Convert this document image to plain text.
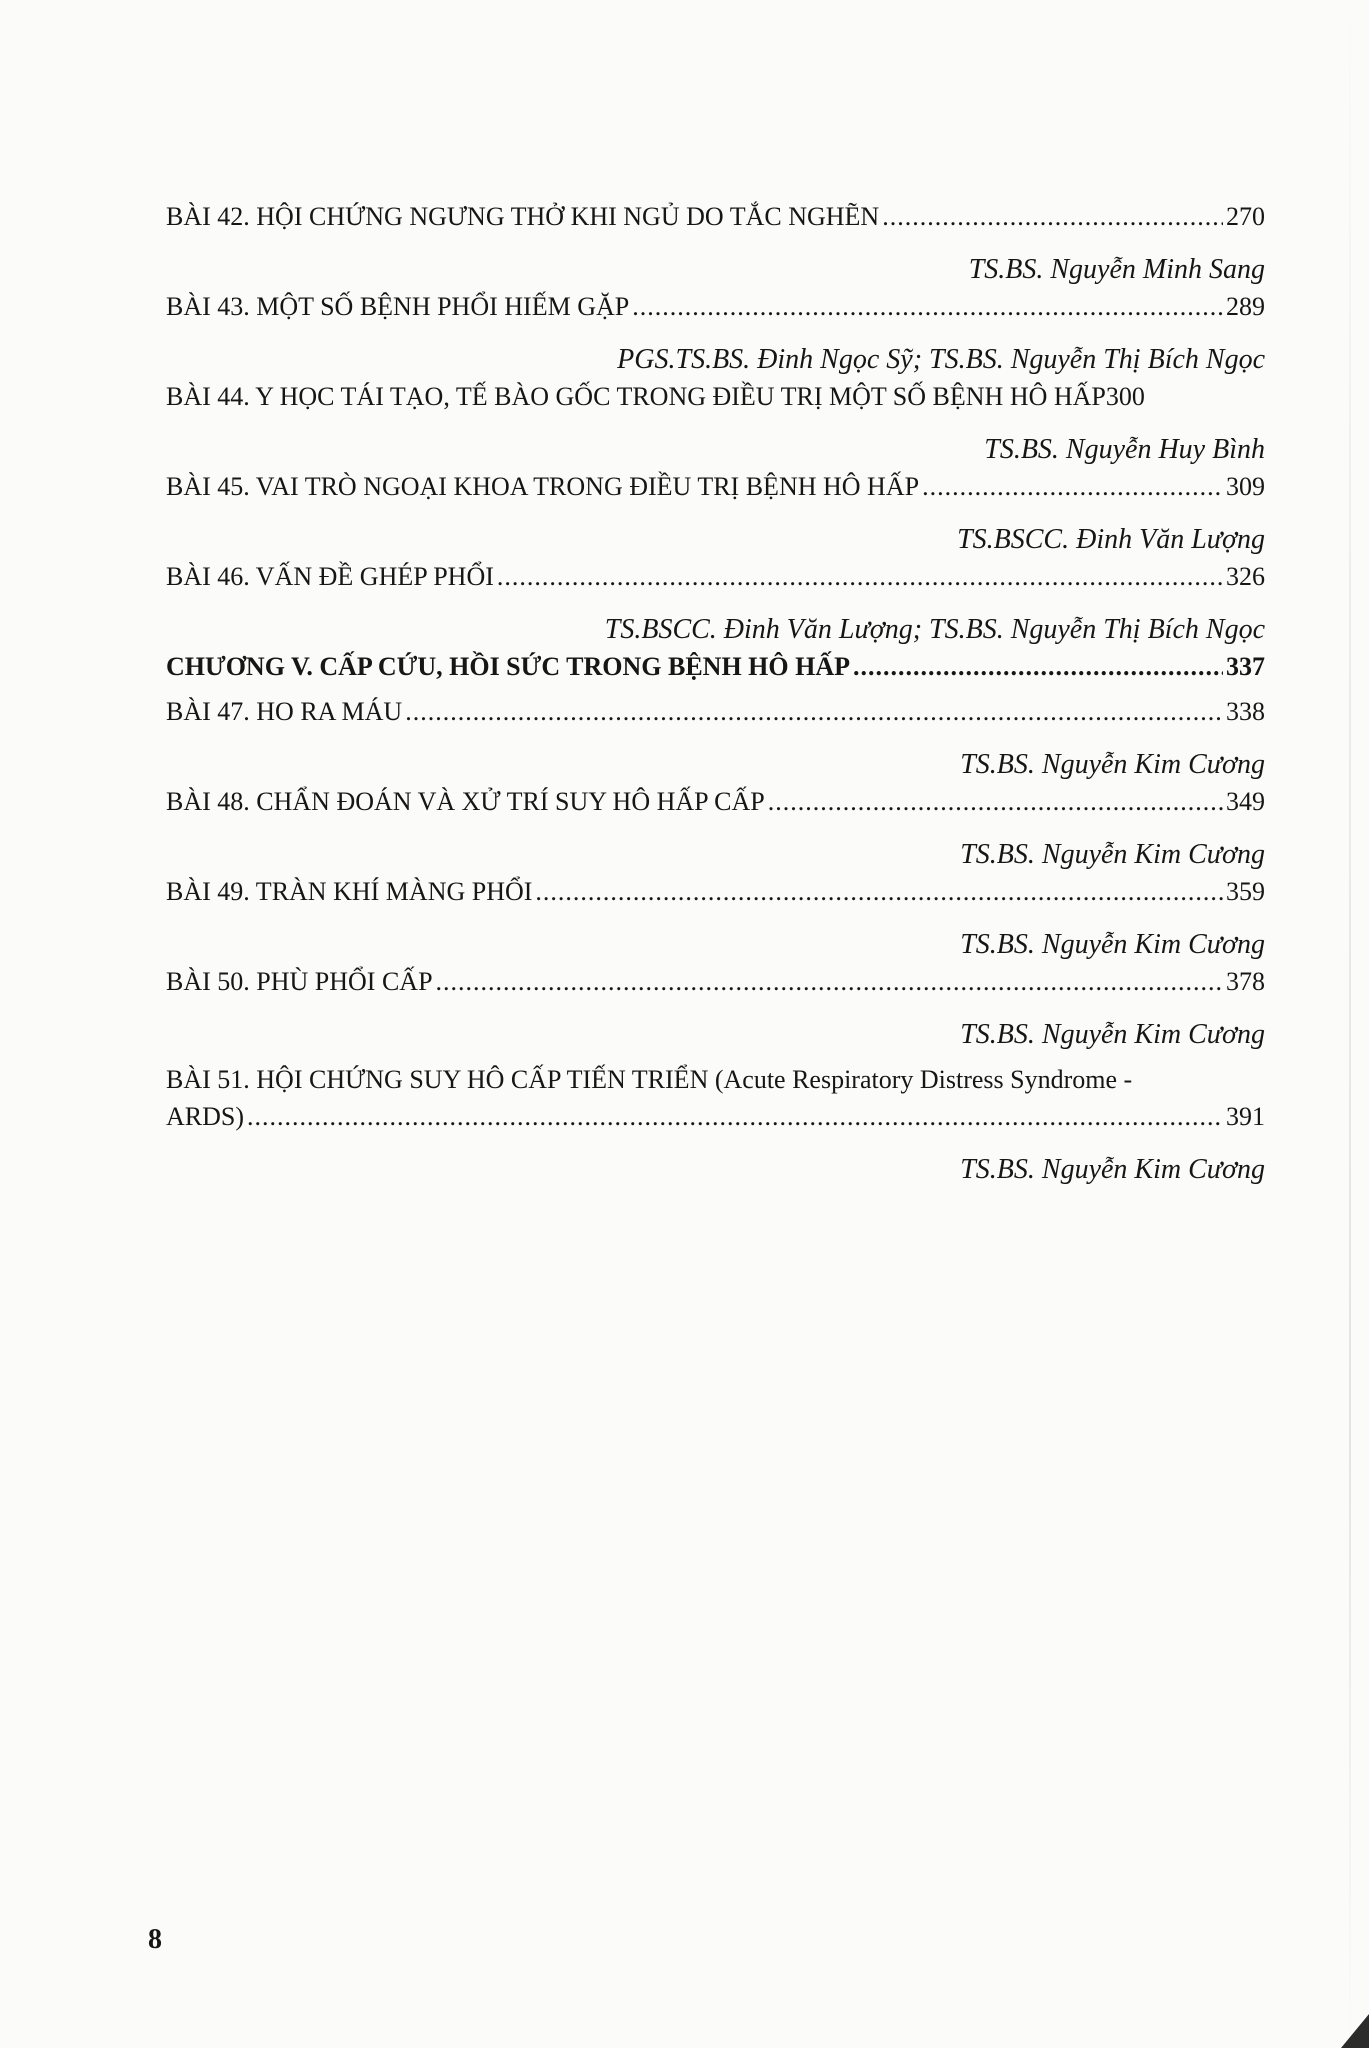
BÀI 42. HỘI CHỨNG NGƯNG THỞ KHI NGỦ DO TẮC NGHẼN .....	270
TS.BS. Nguyễn Minh Sang
BÀI 43. MỘT SỐ BỆNH PHỔI HIẾM GẶP .....	289
PGS.TS.BS. Đinh Ngọc Sỹ; TS.BS. Nguyễn Thị Bích Ngọc
BÀI 44. Y HỌC TÁI TẠO, TẾ BÀO GỐC TRONG ĐIỀU TRỊ MỘT SỐ BỆNH HÔ HẤP 300
TS.BS. Nguyễn Huy Bình
BÀI 45. VAI TRÒ NGOẠI KHOA TRONG ĐIỀU TRỊ BỆNH HÔ HẤP .....	309
TS.BSCC. Đinh Văn Lượng
BÀI 46. VẤN ĐỀ GHÉP PHỔI .....	326
TS.BSCC. Đinh Văn Lượng; TS.BS. Nguyễn Thị Bích Ngọc
CHƯƠNG V. CẤP CỨU, HỒI SỨC TRONG BỆNH HÔ HẤP .....	337
BÀI 47. HO RA MÁU .....	338
TS.BS. Nguyễn Kim Cương
BÀI 48. CHẨN ĐOÁN VÀ XỬ TRÍ SUY HÔ HẤP CẤP .....	349
TS.BS. Nguyễn Kim Cương
BÀI 49. TRÀN KHÍ MÀNG PHỔI .....	359
TS.BS. Nguyễn Kim Cương
BÀI 50. PHÙ PHỔI CẤP .....	378
TS.BS. Nguyễn Kim Cương
BÀI 51. HỘI CHỨNG SUY HÔ CẤP TIẾN TRIỂN (Acute Respiratory Distress Syndrome -
ARDS) .....	391
TS.BS. Nguyễn Kim Cương
8
